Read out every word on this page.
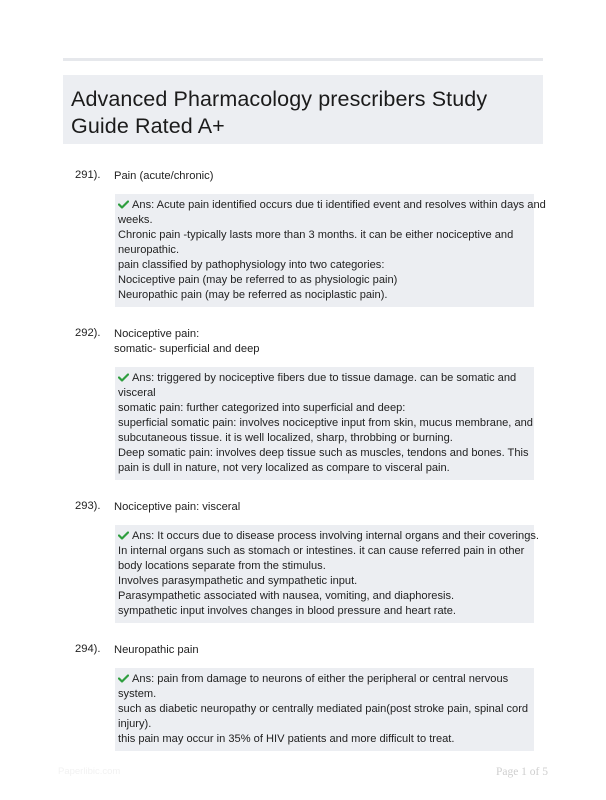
Advanced Pharmacology prescribers Study
Guide Rated A+
291). Pain (acute/chronic)
Ans: Acute pain identified occurs due ti identified event and resolves within days and
weeks.
Chronic pain -typically lasts more than 3 months. it can be either nociceptive and
neuropathic.
pain classified by pathophysiology into two categories:
Nociceptive pain (may be referred to as physiologic pain)
Neuropathic pain (may be referred as nociplastic pain).
292). Nociceptive pain:
somatic- superficial and deep
Ans: triggered by nociceptive fibers due to tissue damage. can be somatic and
visceral
somatic pain: further categorized into superficial and deep:
superficial somatic pain: involves nociceptive input from skin, mucus membrane, and
subcutaneous tissue. it is well localized, sharp, throbbing or burning.
Deep somatic pain: involves deep tissue such as muscles, tendons and bones. This
pain is dull in nature, not very localized as compare to visceral pain.
293). Nociceptive pain: visceral
Ans: It occurs due to disease process involving internal organs and their coverings.
In internal organs such as stomach or intestines. it can cause referred pain in other
body locations separate from the stimulus.
Involves parasympathetic and sympathetic input.
Parasympathetic associated with nausea, vomiting, and diaphoresis.
sympathetic input involves changes in blood pressure and heart rate.
294). Neuropathic pain
Ans: pain from damage to neurons of either the peripheral or central nervous
system.
such as diabetic neuropathy or centrally mediated pain(post stroke pain, spinal cord
injury).
this pain may occur in 35% of HIV patients and more difficult to treat.
Paperlibic.com	Page 1 of 5
